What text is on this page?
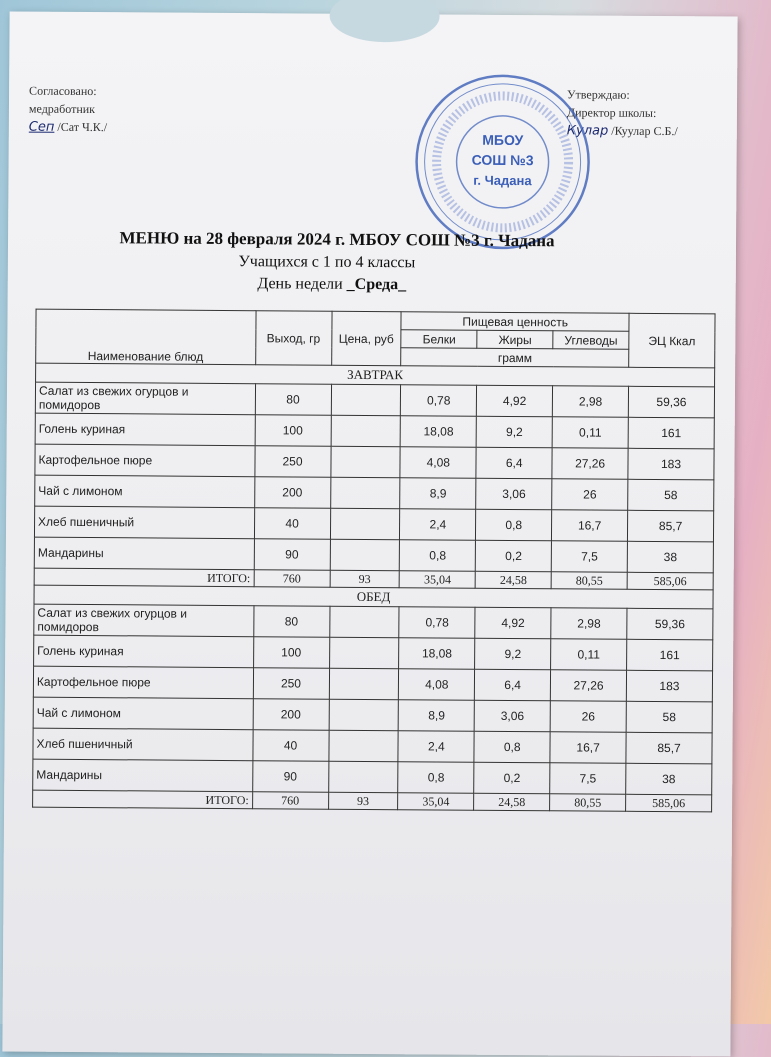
Согласовано:
медработник
Сеп /Сат Ч.К./
Утверждаю:
Директор школы:
Кулар /Куулар С.Б./
МБОУ
СОШ №3
г. Чадана
МЕНЮ на 28 февраля 2024 г. МБОУ СОШ №3 г. Чадана
Учащихся с 1 по 4 классы
День недели _Среда_
Наименование блюд	Выход, гр	Цена, руб	Пищевая ценность			ЭЦ Ккал
			Белки	Жиры	Углеводы	
			грамм			
ЗАВТРАК						
Салат из свежих огурцов и помидоров	80		0,78	4,92	2,98	59,36
Голень куриная	100		18,08	9,2	0,11	161
Картофельное пюре	250		4,08	6,4	27,26	183
Чай с лимоном	200		8,9	3,06	26	58
Хлеб пшеничный	40		2,4	0,8	16,7	85,7
Мандарины	90		0,8	0,2	7,5	38
ИТОГО:	760	93	35,04	24,58	80,55	585,06
ОБЕД						
Салат из свежих огурцов и помидоров	80		0,78	4,92	2,98	59,36
Голень куриная	100		18,08	9,2	0,11	161
Картофельное пюре	250		4,08	6,4	27,26	183
Чай с лимоном	200		8,9	3,06	26	58
Хлеб пшеничный	40		2,4	0,8	16,7	85,7
Мандарины	90		0,8	0,2	7,5	38
ИТОГО:	760	93	35,04	24,58	80,55	585,06
